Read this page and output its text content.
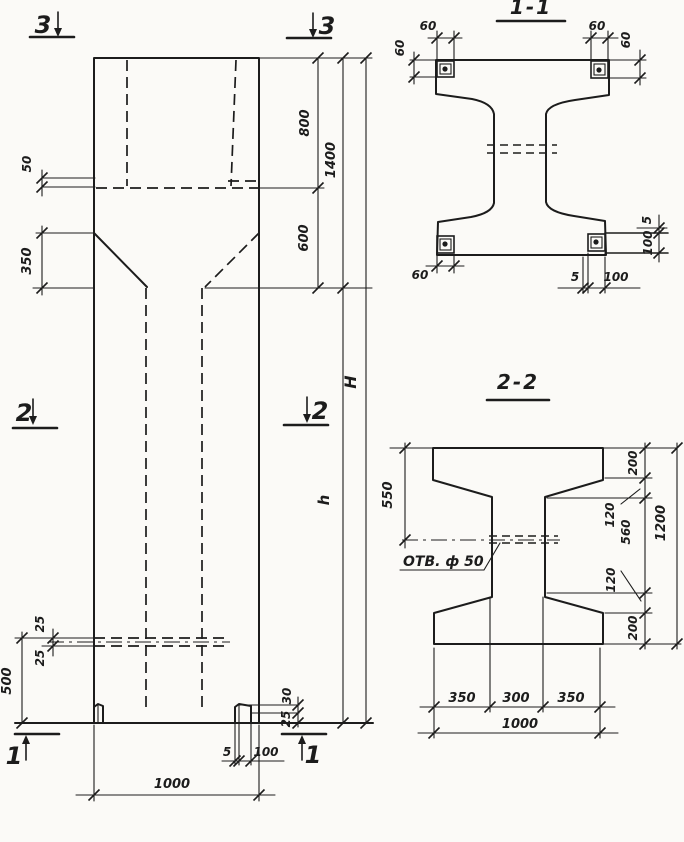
3	3
2	2
1	1
50
350
800
1400
600
H
h
25
25
500
30
25
5 100
1000
1-1
60
60
60
60
60	5 100
5
100
2-2
550
200
120
560 1200
120
200
350 300 350
1000
ОТВ. ф 50
